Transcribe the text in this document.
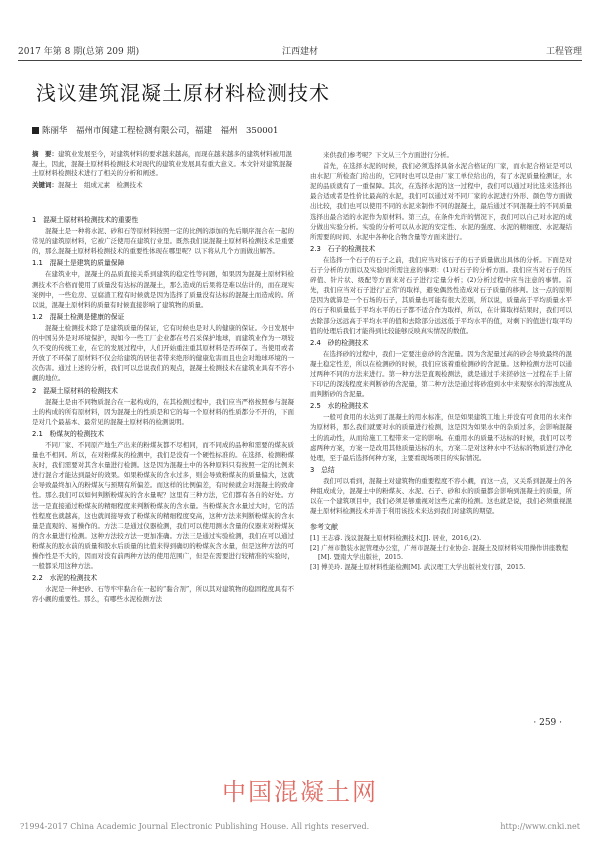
2017 年第 8 期(总第 209 期)	江西建材	工程管理
浅议建筑混凝土原材料检测技术
陈丽华　福州市闽建工程检测有限公司，福建　福州　350001
摘　要：建筑业发展至今，对建筑材料的要求越来越高，而现在越来越多的建筑材料被用混凝土，因此，混凝土原材料检测技术对现代的建筑业发展具有重大意义。本文针对建筑混凝土原材料检测技术进行了相关的分析和阐述。
关键词：混凝土　组成元素　检测技术
1　混凝土原材料检测技术的重要性

混凝土是一种将水泥、砂和石等原材料按照一定的比例的添加的先后顺序混合在一起的常见的建筑原材料，它被广泛使用在建筑行业里。既然我们说混凝土原材料检测技术是重要的，那么混凝土原材料检测技术的重要性体现在哪里呢？以下将从几个方面做出解答。

1.1　混凝土是建筑的质量保障

在建筑业中，混凝土的品质直接关系到建筑的稳定性等问题，如果因为混凝土原材料检测技术不合格而使用了质量没有达标的混凝土，那么造成的后果将是难以估计的，而在现实案例中，一些危房、豆腐渣工程有时候就是因为选择了质量没有达标的混凝土而造成的。所以说，混凝土原材料的质量有时候直接影响了建筑物的质量。

1.2　混凝土检测是健康的保证

混凝土检测技术除了是建筑质量的保证，它有时候也是对人的健康的保证。今日发展中的中国另外是对环境保护，现如今一些工厂企业都在号召采保护地球，而建筑业作为一项较久不变的传统工业，在它的发展过程中，人们开始重注重其原材料是否环保了。当使用或者开放了不环保了原材料不仅会给建筑的居住者带来绝形的健康危害而且也会对地球环境的一次伤害。通过上述的分析，我们可以总说我们的观点，混凝土检测技术在建筑业具有不容小觑的地位。

2　混凝土原材料的检测技术

混凝土是由不同物质混合在一起构成的，在其检测过程中，我们应当严格按照参与混凝土的构成的所有原材料，因为混凝土的性质是和它的每一个原材料的性质都分不开的，下面是对几个最基本、最常见的混凝土原材料的检测说明。

2.1　粉煤灰的检测技术

不同厂家、不同原产地生产出来的粉煤灰都不尽相同，而不同成的品种和需要的煤灰质量也不相同。所以，在对粉煤灰的检测中，我们是没有一个硬性标准的。在选择、检测粉煤灰时，我们需要对其含水量进行检测。这是因为混凝土中的各种原料只有按照一定的比例来进行混合才能达到最好的效果。如果粉煤灰的含水过多，则会导致粉煤灰的质量偏大，这就会导致最终加入的粉煤灰与预期有所偏差。而这样的比例偏差，有时候就会对混凝土的致命性。那么我们可以如何判断粉煤灰的含水量呢？这里有三种方法，它们都有各自的好处。方法一是直接通过粉煤灰的精细程度来判断粉煤灰的含水量。当粉煤灰含水量过大时，它的活性程度也就越高，这也就间接导致了粉煤灰的精细程度变高，这种方法来判断粉煤灰的含水量是直观的、易操作的。方法二是通过仪器检测，我们可以使用测水含量的仪器来对粉煤灰的含水量进行检测。这种方法较方法一更加准确。方法三是通过实验检测，我们在可以通过粉煤灰的胶水前的质量和胶水后质量的比值来得到确切的粉煤灰含水量，但是这种方法的可操作性是不大的，因而对没有前两种方法的使用范围广，但是在需要进行较精准的实验时，一般都采用这种方法。

2.2　水泥的检测技术

水泥是一种把砂、石等牢牢黏合在一起的“黏合剂”，所以其对建筑物的稳固程度具有不容小觑的重要性。那么，有哪些水泥检测方法

来供我们参考呢？下文从三个方面进行分析。

首先，在选择水泥的时候，我们必须选择具备水泥合格证的厂家，而水泥合格证是可以由水泥厂所检查门给出的，它同时也可以是由厂家工单位给出的，有了水泥质量检测证，水泥的品质就有了一重保障。其次，在选择水泥的这一过程中，我们可以通过对比选来选择出最合适或者是性价比最高的水泥，我们可以通过对不同厂家的水泥进行外形、颜色等方面做出比较，我们也可以使用不同的水泥来制作不同的混凝土，最后通过不同混凝土的不同质量选择出最合适的水泥作为原材料。第三点，在条件允许的情况下，我们可以自己对水泥的成分做出实验分析。实验的分析可以从水泥的安定性、水泥的强度、水泥的精细度、水泥凝结所需要的时间、水泥中各种化合物含量等方面来进行。

2.3　石子的检测技术

在选择一个石子的石子之前，我们应当对该石子的石子质量做出具体的分析。下面是对石子分析的方面以及实验时所需注意的事项：(1)对石子的分析方面。我们应当对石子的压碎值、针片状、级配等方面来对石子进行定量分析；(2)分析过程中应当注意的事情。首先，我们应当对石子进行'正常'的取样，避免偶然性造成对石子质量的移判。这一点的原则是因为就算是一个石场的石子，其质量也可能有很大差别，所以说，质量高于平均质量水平的石子和质量低于平均水平的石子都不适合作为取样，所以，在计算取样结果时，我们可以去除部分远远高于平均水平的值和去除部分远远低于平均水平的值，对剩下的值进行取平均值的处理后我们才能得到比较能够反映真实情况的数值。

2.4　砂的检测技术

在选择砂的过程中，我们一定要注意砂的含泥量。因为含泥量过高的砂会导致最终的混凝土稳定性差，所以在检测砂的时候，我们应该着重检测砂的含泥量。这种检测方法可以通过两种不同的方法来进行。第一种方法是直观检测法，就是通过手来搓砂这一过程在手上留下印记的深浅程度来判断砂的含泥量，第二种方法是通过将砂泡到水中来观察水的浑浊度从而判断砂的含泥量。

2.5　水的检测技术

一般可食用的水达到了混凝土的用水标准，但是如果建筑工地上并没有可食用的水来作为原材料，那么我们就要对水的质量进行检测，这是因为如果水中的杂质过多，会影响混凝土的流动性，从而给施工工程带来一定的影响。在重用水的质量不达标的时候，我们可以考虑两种方案，方案一是改用其他质量达标的水，方案二是对这种水中不达标的物质进行净化处理，至于最后选择何种方案，主要看现场项目的实际情况。

3　总结

我们可以看到，混凝土对建筑物的重要程度不容小觑，而这一点，又关系到混凝土的各种组成成分，混凝土中的粉煤灰、水泥、石子、砂和水的质量都会影响到混凝土的质量，所以在一个建筑项目中，我们必须足够重视对这些元素的检测。这也就是说，我们必须重视混凝土原材料检测技术并善于利用该技术来达到我们对建筑的期望。

参考文献
[1] 王志睿. 浅议混凝土原材料检测技术[J]. 居业，2016,(2).
[2] 广州市散装水泥管理办公室，广州市混凝土行业协会. 混凝土及原材料实用操作讲座教程[M]. 暨南大学出版社，2015.
[3] 傅美玲. 混凝土原材料性能检测[M]. 武汉理工大学出版社发行部，2015.
· 259 ·
中国混凝土网
?1994-2017 China Academic Journal Electronic Publishing House. All rights reserved.	http://www.cnki.net
